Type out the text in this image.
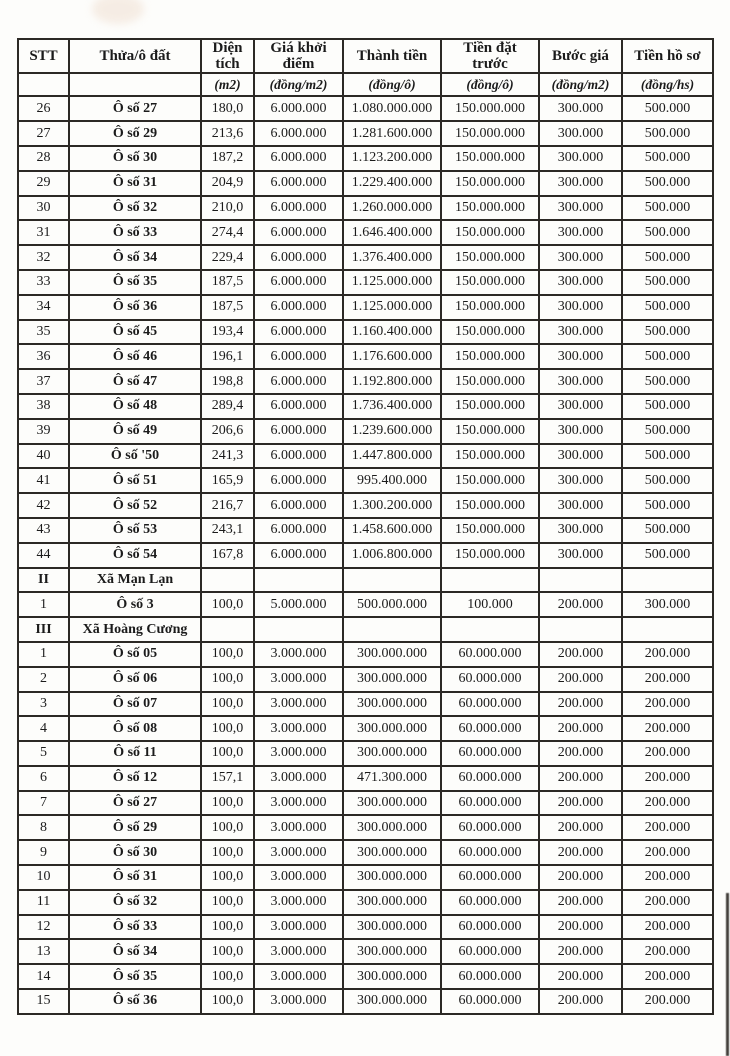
STT	Thửa/ô đất	Diện tích	Giá khởi điểm	Thành tiền	Tiền đặt trước	Bước giá	Tiền hồ sơ
		(m2)	(đồng/m2)	(đồng/ô)	(đồng/ô)	(đồng/m2)	(đồng/hs)
26	Ô số 27	180,0	6.000.000	1.080.000.000	150.000.000	300.000	500.000
27	Ô số 29	213,6	6.000.000	1.281.600.000	150.000.000	300.000	500.000
28	Ô số 30	187,2	6.000.000	1.123.200.000	150.000.000	300.000	500.000
29	Ô số 31	204,9	6.000.000	1.229.400.000	150.000.000	300.000	500.000
30	Ô số 32	210,0	6.000.000	1.260.000.000	150.000.000	300.000	500.000
31	Ô số 33	274,4	6.000.000	1.646.400.000	150.000.000	300.000	500.000
32	Ô số 34	229,4	6.000.000	1.376.400.000	150.000.000	300.000	500.000
33	Ô số 35	187,5	6.000.000	1.125.000.000	150.000.000	300.000	500.000
34	Ô số 36	187,5	6.000.000	1.125.000.000	150.000.000	300.000	500.000
35	Ô số 45	193,4	6.000.000	1.160.400.000	150.000.000	300.000	500.000
36	Ô số 46	196,1	6.000.000	1.176.600.000	150.000.000	300.000	500.000
37	Ô số 47	198,8	6.000.000	1.192.800.000	150.000.000	300.000	500.000
38	Ô số 48	289,4	6.000.000	1.736.400.000	150.000.000	300.000	500.000
39	Ô số 49	206,6	6.000.000	1.239.600.000	150.000.000	300.000	500.000
40	Ô số '50	241,3	6.000.000	1.447.800.000	150.000.000	300.000	500.000
41	Ô số 51	165,9	6.000.000	995.400.000	150.000.000	300.000	500.000
42	Ô số 52	216,7	6.000.000	1.300.200.000	150.000.000	300.000	500.000
43	Ô số 53	243,1	6.000.000	1.458.600.000	150.000.000	300.000	500.000
44	Ô số 54	167,8	6.000.000	1.006.800.000	150.000.000	300.000	500.000
II	Xã Mạn Lạn						
1	Ô số 3	100,0	5.000.000	500.000.000	100.000	200.000	300.000
III	Xã Hoàng Cương						
1	Ô số 05	100,0	3.000.000	300.000.000	60.000.000	200.000	200.000
2	Ô số 06	100,0	3.000.000	300.000.000	60.000.000	200.000	200.000
3	Ô số 07	100,0	3.000.000	300.000.000	60.000.000	200.000	200.000
4	Ô số 08	100,0	3.000.000	300.000.000	60.000.000	200.000	200.000
5	Ô số 11	100,0	3.000.000	300.000.000	60.000.000	200.000	200.000
6	Ô số 12	157,1	3.000.000	471.300.000	60.000.000	200.000	200.000
7	Ô số 27	100,0	3.000.000	300.000.000	60.000.000	200.000	200.000
8	Ô số 29	100,0	3.000.000	300.000.000	60.000.000	200.000	200.000
9	Ô số 30	100,0	3.000.000	300.000.000	60.000.000	200.000	200.000
10	Ô số 31	100,0	3.000.000	300.000.000	60.000.000	200.000	200.000
11	Ô số 32	100,0	3.000.000	300.000.000	60.000.000	200.000	200.000
12	Ô số 33	100,0	3.000.000	300.000.000	60.000.000	200.000	200.000
13	Ô số 34	100,0	3.000.000	300.000.000	60.000.000	200.000	200.000
14	Ô số 35	100,0	3.000.000	300.000.000	60.000.000	200.000	200.000
15	Ô số 36	100,0	3.000.000	300.000.000	60.000.000	200.000	200.000
